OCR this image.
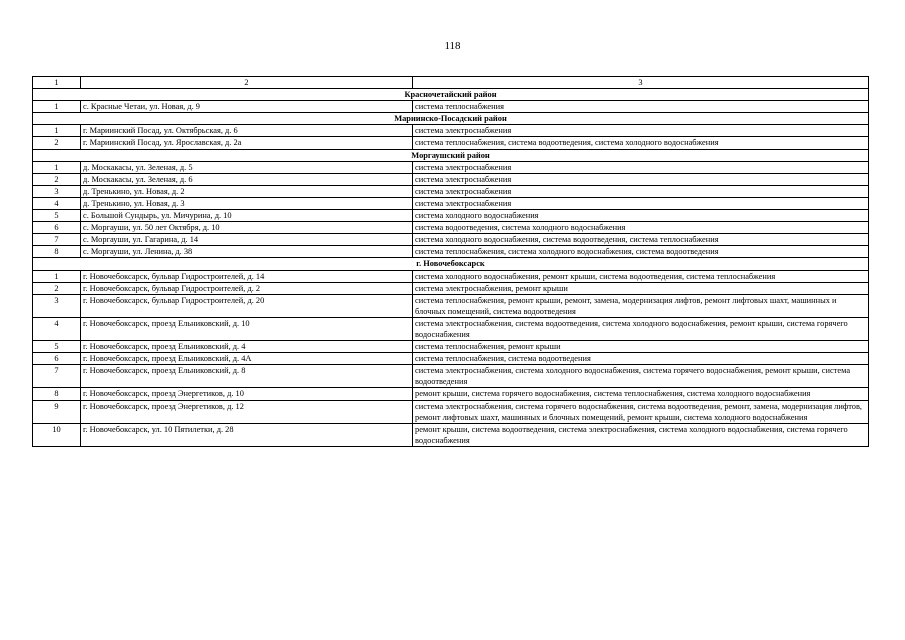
118
1	2	3
Красночетайский район		
1	с. Красные Четаи, ул. Новая, д. 9	система теплоснабжения
Мариинско-Посадский район		
1	г. Мариинский Посад, ул. Октябрьская, д. 6	система электроснабжения
2	г. Мариинский Посад, ул. Ярославская, д. 2а	система теплоснабжения, система водоотведения, система холодного водоснабжения
Моргаушский район		
1	д. Москакасы, ул. Зеленая, д. 5	система электроснабжения
2	д. Москакасы, ул. Зеленая, д. 6	система электроснабжения
3	д. Тренькино, ул. Новая, д. 2	система электроснабжения
4	д. Тренькино, ул. Новая, д. 3	система электроснабжения
5	с. Большой Сундырь, ул. Мичурина, д. 10	система холодного водоснабжения
6	с. Моргауши, ул. 50 лет Октября, д. 10	система водоотведения, система холодного водоснабжения
7	с. Моргауши, ул. Гагарина, д. 14	система холодного водоснабжения, система водоотведения, система теплоснабжения
8	с. Моргауши, ул. Ленина, д. 38	система теплоснабжения, система холодного водоснабжения, система водоотведения
г. Новочебоксарск		
1	г. Новочебоксарск, бульвар Гидростроителей, д. 14	система холодного водоснабжения, ремонт крыши, система водоотведения, система теплоснабжения
2	г. Новочебоксарск, бульвар Гидростроителей, д. 2	система электроснабжения, ремонт крыши
3	г. Новочебоксарск, бульвар Гидростроителей, д. 20	система теплоснабжения, ремонт крыши, ремонт, замена, модернизация лифтов, ремонт лифтовых шахт, машинных и блочных помещений, система водоотведения
4	г. Новочебоксарск, проезд Ельниковский, д. 10	система электроснабжения, система водоотведения, система холодного водоснабжения, ремонт крыши, система горячего водоснабжения
5	г. Новочебоксарск, проезд Ельниковский, д. 4	система теплоснабжения, ремонт крыши
6	г. Новочебоксарск, проезд Ельниковский, д. 4А	система теплоснабжения, система водоотведения
7	г. Новочебоксарск, проезд Ельниковский, д. 8	система электроснабжения, система холодного водоснабжения, система горячего водоснабжения, ремонт крыши, система водоотведения
8	г. Новочебоксарск, проезд Энергетиков, д. 10	ремонт крыши, система горячего водоснабжения, система теплоснабжения, система холодного водоснабжения
9	г. Новочебоксарск, проезд Энергетиков, д. 12	система электроснабжения, система горячего водоснабжения, система водоотведения, ремонт, замена, модернизация лифтов, ремонт лифтовых шахт, машинных и блочных помещений, ремонт крыши, система холодного водоснабжения
10	г. Новочебоксарск, ул. 10 Пятилетки, д. 28	ремонт крыши, система водоотведения, система электроснабжения, система холодного водоснабжения, система горячего водоснабжения
